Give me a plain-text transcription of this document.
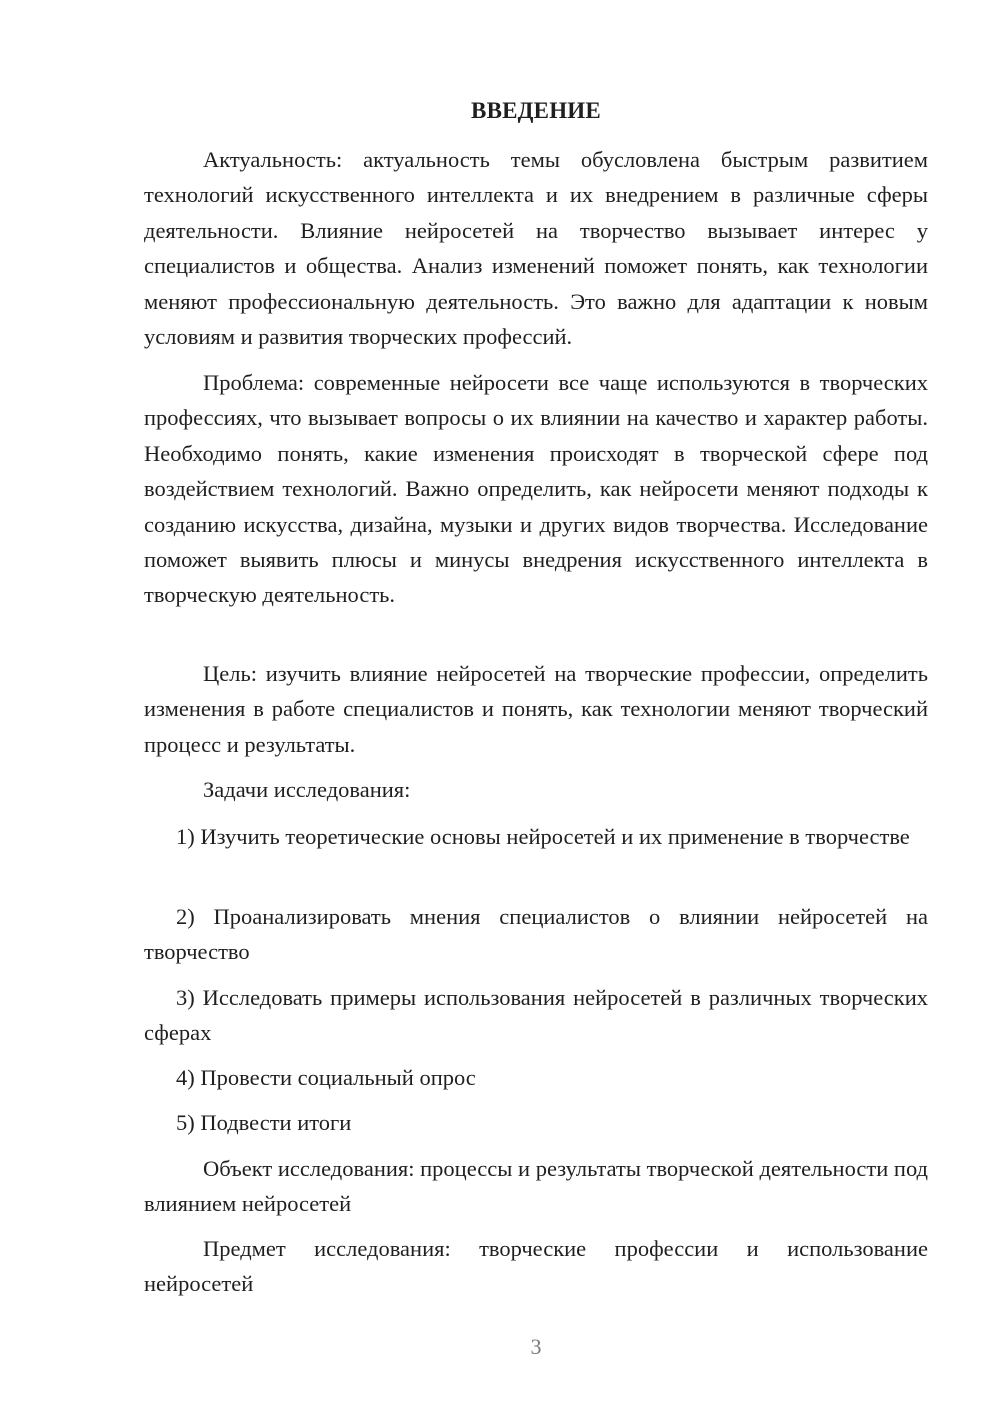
ВВЕДЕНИЕ

Актуальность: актуальность темы обусловлена быстрым развитием технологий искусственного интеллекта и их внедрением в различные сферы деятельности. Влияние нейросетей на творчество вызывает интерес у специалистов и общества. Анализ изменений поможет понять, как технологии меняют профессиональную деятельность. Это важно для адаптации к новым условиям и развития творческих профессий.

Проблема: современные нейросети все чаще используются в творческих профессиях, что вызывает вопросы о их влиянии на качество и характер работы. Необходимо понять, какие изменения происходят в творческой сфере под воздействием технологий. Важно определить, как нейросети меняют подходы к созданию искусства, дизайна, музыки и других видов творчества. Исследование поможет выявить плюсы и минусы внедрения искусственного интеллекта в творческую деятельность.

Цель: изучить влияние нейросетей на творческие профессии, определить изменения в работе специалистов и понять, как технологии меняют творческий процесс и результаты.

Задачи исследования:

1) Изучить теоретические основы нейросетей и их применение в творчестве

2) Проанализировать мнения специалистов о влиянии нейросетей на творчество

3) Исследовать примеры использования нейросетей в различных творческих сферах

4) Провести социальный опрос

5) Подвести итоги

Объект исследования: процессы и результаты творческой деятельности под влиянием нейросетей

Предмет исследования: творческие профессии и использование нейросетей

3
